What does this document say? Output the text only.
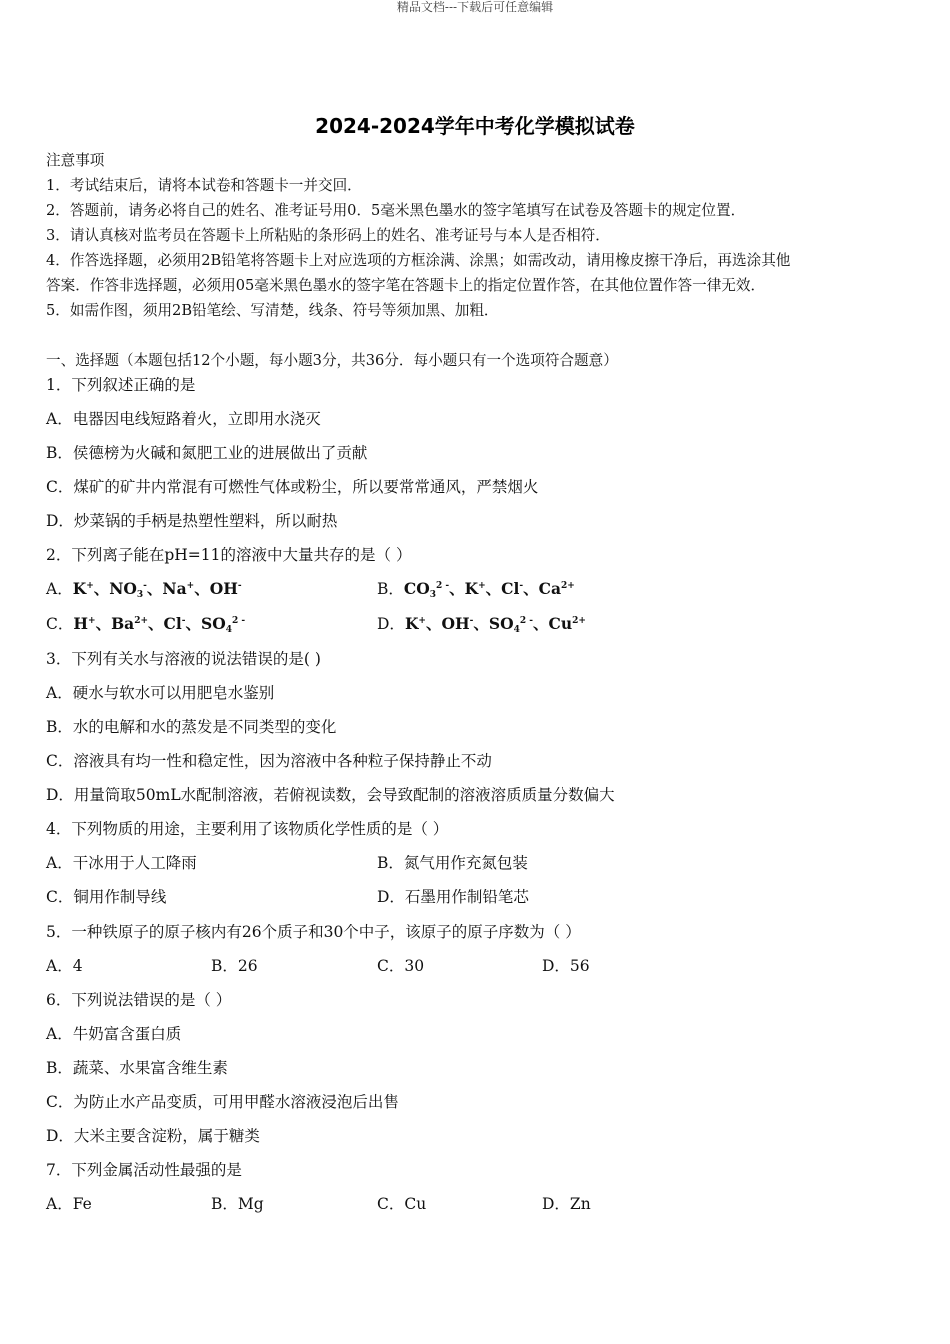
精品文档---下载后可任意编辑
2024-2024学年中考化学模拟试卷
注意事项
1．考试结束后，请将本试卷和答题卡一并交回．
2．答题前，请务必将自己的姓名、准考证号用0．5毫米黑色墨水的签字笔填写在试卷及答题卡的规定位置．
3．请认真核对监考员在答题卡上所粘贴的条形码上的姓名、准考证号与本人是否相符．
4．作答选择题，必须用2B铅笔将答题卡上对应选项的方框涂满、涂黑；如需改动，请用橡皮擦干净后，再选涂其他
答案．作答非选择题，必须用05毫米黑色墨水的签字笔在答题卡上的指定位置作答，在其他位置作答一律无效．
5．如需作图，须用2B铅笔绘、写清楚，线条、符号等须加黑、加粗．
一、选择题（本题包括12个小题，每小题3分，共36分．每小题只有一个选项符合题意）
1．下列叙述正确的是
A．电器因电线短路着火，立即用水浇灭
B．侯德榜为火碱和氮肥工业的进展做出了贡献
C．煤矿的矿井内常混有可燃性气体或粉尘，所以要常常通风，严禁烟火
D．炒菜锅的手柄是热塑性塑料，所以耐热
2．下列离子能在pH=11的溶液中大量共存的是（ ）
A．K+、$NO_3^-$、Na+、OH-	B．$CO_3^{2 -}$、K+、Cl-、$Ca^{2+}$
C．H+、$Ba^{2+}$、Cl-、$SO_4^{2 -}$	D．K+、OH-、$SO_4^{2 -}$、$Cu^{2+}$
3．下列有关水与溶液的说法错误的是( )
A．硬水与软水可以用肥皂水鉴别
B．水的电解和水的蒸发是不同类型的变化
C．溶液具有均一性和稳定性，因为溶液中各种粒子保持静止不动
D．用量筒取50mL水配制溶液，若俯视读数，会导致配制的溶液溶质质量分数偏大
4．下列物质的用途，主要利用了该物质化学性质的是（ ）
A．干冰用于人工降雨	B．氮气用作充氮包装
C．铜用作制导线	D．石墨用作制铅笔芯
5．一种铁原子的原子核内有26个质子和30个中子，该原子的原子序数为（ ）
A．4	B．26	C．30	D．56
6．下列说法错误的是（ ）
A．牛奶富含蛋白质
B．蔬菜、水果富含维生素
C．为防止水产品变质，可用甲醛水溶液浸泡后出售
D．大米主要含淀粉，属于糖类
7．下列金属活动性最强的是
A．Fe	B．Mg	C．Cu	D．Zn
